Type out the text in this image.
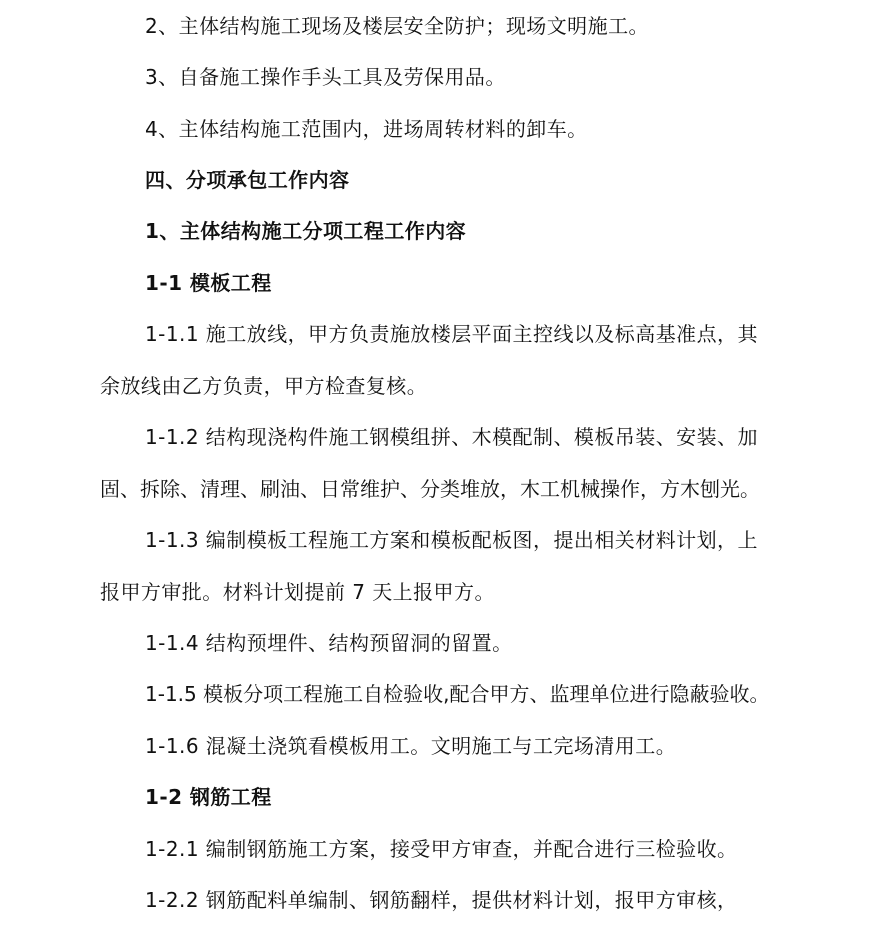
2、主体结构施工现场及楼层安全防护；现场文明施工。
3、自备施工操作手头工具及劳保用品。
4、主体结构施工范围内，进场周转材料的卸车。
四、分项承包工作内容
1、主体结构施工分项工程工作内容
1-1 模板工程
1-1.1 施工放线，甲方负责施放楼层平面主控线以及标高基准点，其
余放线由乙方负责，甲方检查复核。
1-1.2 结构现浇构件施工钢模组拼、木模配制、模板吊装、安装、加
固、拆除、清理、刷油、日常维护、分类堆放，木工机械操作，方木刨光。
1-1.3 编制模板工程施工方案和模板配板图，提出相关材料计划，上
报甲方审批。材料计划提前 7 天上报甲方。
1-1.4 结构预埋件、结构预留洞的留置。
1-1.5 模板分项工程施工自检验收,配合甲方、监理单位进行隐蔽验收。
1-1.6 混凝土浇筑看模板用工。文明施工与工完场清用工。
1-2 钢筋工程
1-2.1 编制钢筋施工方案，接受甲方审查，并配合进行三检验收。
1-2.2 钢筋配料单编制、钢筋翻样，提供材料计划，报甲方审核，
